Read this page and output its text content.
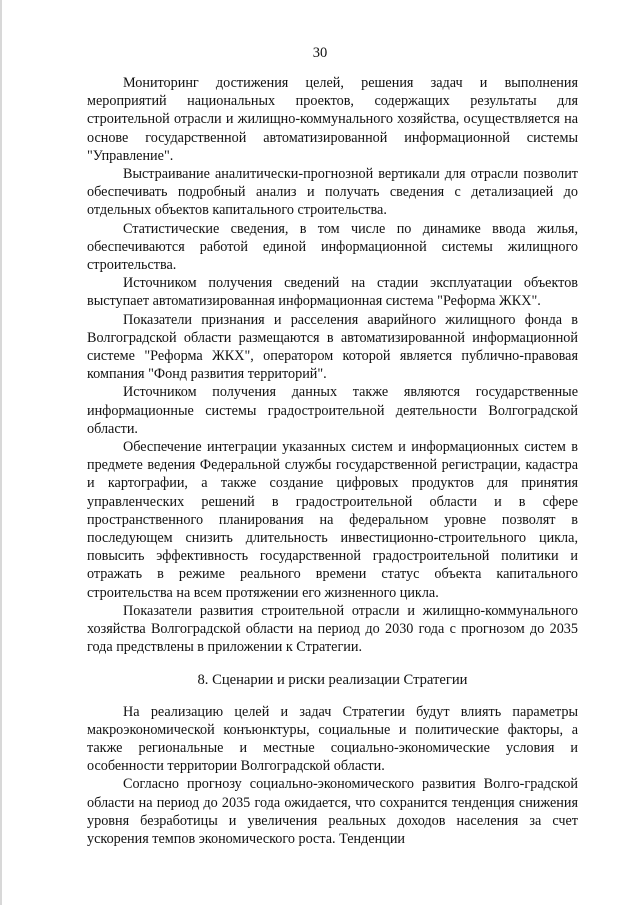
30

Мониторинг достижения целей, решения задач и выполнения мероприятий национальных проектов, содержащих результаты для строительной отрасли и жилищно-коммунального хозяйства, осуществляется на основе государственной автоматизированной информационной системы "Управление".

Выстраивание аналитически-прогнозной вертикали для отрасли позволит обеспечивать подробный анализ и получать сведения с детализацией до отдельных объектов капитального строительства.

Статистические сведения, в том числе по динамике ввода жилья, обеспечиваются работой единой информационной системы жилищного строительства.

Источником получения сведений на стадии эксплуатации объектов выступает автоматизированная информационная система "Реформа ЖКХ".

Показатели признания и расселения аварийного жилищного фонда в Волгоградской области размещаются в автоматизированной информационной системе "Реформа ЖКХ", оператором которой является публично-правовая компания "Фонд развития территорий".

Источником получения данных также являются государственные информационные системы градостроительной деятельности Волгоградской области.

Обеспечение интеграции указанных систем и информационных систем в предмете ведения Федеральной службы государственной регистрации, кадастра и картографии, а также создание цифровых продуктов для принятия управленческих решений в градостроительной области и в сфере пространственного планирования на федеральном уровне позволят в последующем снизить длительность инвестиционно-строительного цикла, повысить эффективность государственной градостроительной политики и отражать в режиме реального времени статус объекта капитального строительства на всем протяжении его жизненного цикла.

Показатели развития строительной отрасли и жилищно-коммунального хозяйства Волгоградской области на период до 2030 года с прогнозом до 2035 года предствлены в приложении к Стратегии.

8. Сценарии и риски реализации Стратегии

На реализацию целей и задач Стратегии будут влиять параметры макроэкономической конъюнктуры, социальные и политические факторы, а также региональные и местные социально-экономические условия и особенности территории Волгоградской области.

Согласно прогнозу социально-экономического развития Волго-градской области на период до 2035 года ожидается, что сохранится тенденция снижения уровня безработицы и увеличения реальных доходов населения за счет ускорения темпов экономического роста. Тенденции
